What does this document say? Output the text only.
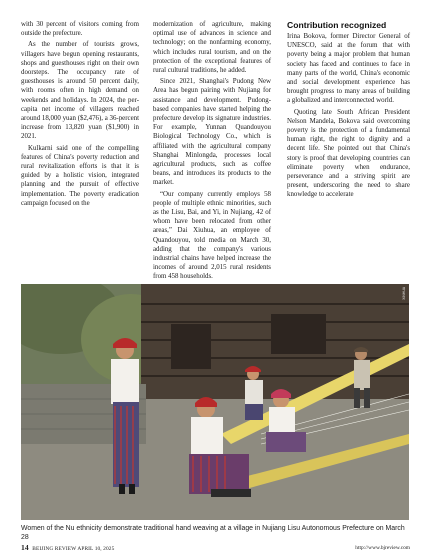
with 30 percent of visitors coming from outside the prefecture.

As the number of tourists grows, villagers have begun opening restaurants, shops and guesthouses right on their own doorsteps. The occupancy rate of guesthouses is around 50 percent daily, with rooms often in high demand on weekends and holidays. In 2024, the per-capita net income of villagers reached around 18,000 yuan ($2,476), a 36-percent increase from 13,820 yuan ($1,900) in 2021.

Kulkarni said one of the compelling features of China's poverty reduction and rural revitalization efforts is that it is guided by a holistic vision, integrated planning and the pursuit of effective implementation. The poverty eradication campaign focused on the

modernization of agriculture, making optimal use of advances in science and technology; on the nonfarming economy, which includes rural tourism, and on the protection of the exceptional features of rural cultural traditions, he added.

Since 2021, Shanghai's Pudong New Area has begun pairing with Nujiang for assistance and development. Pudong-based companies have started helping the prefecture develop its signature industries. For example, Yunnan Quandouyou Biological Technology Co., which is affiliated with the agricultural company Shanghai Minlongda, processes local agricultural products, such as coffee beans, and introduces its products to the market.

“Our company currently employs 58 people of multiple ethnic minorities, such as the Lisu, Bai, and Yi, in Nujiang, 42 of whom have been relocated from other areas,” Dai Xiuhua, an employee of Quandouyou, told media on March 30, adding that the company's various industrial chains have helped increase the incomes of around 2,015 rural residents from 458 households.

Contribution recognized

Irina Bokova, former Director General of UNESCO, said at the forum that with poverty being a major problem that human society has faced and continues to face in many parts of the world, China's economic and social development experience has brought progress to many areas of building a globalized and interconnected world.

Quoting late South African President Nelson Mandela, Bokova said overcoming poverty is the protection of a fundamental human right, the right to dignity and a decent life. She pointed out that China's story is proof that developing countries can eliminate poverty when endurance, perseverance and a striving spirit are present, underscoring the need to share knowledge to accelerate

XINHUA
Women of the Nu ethnicity demonstrate traditional hand weaving at a village in Nujiang Lisu Autonomous Prefecture on March 28
14 BEIJING REVIEW APRIL 10, 2025	http://www.bjreview.com
